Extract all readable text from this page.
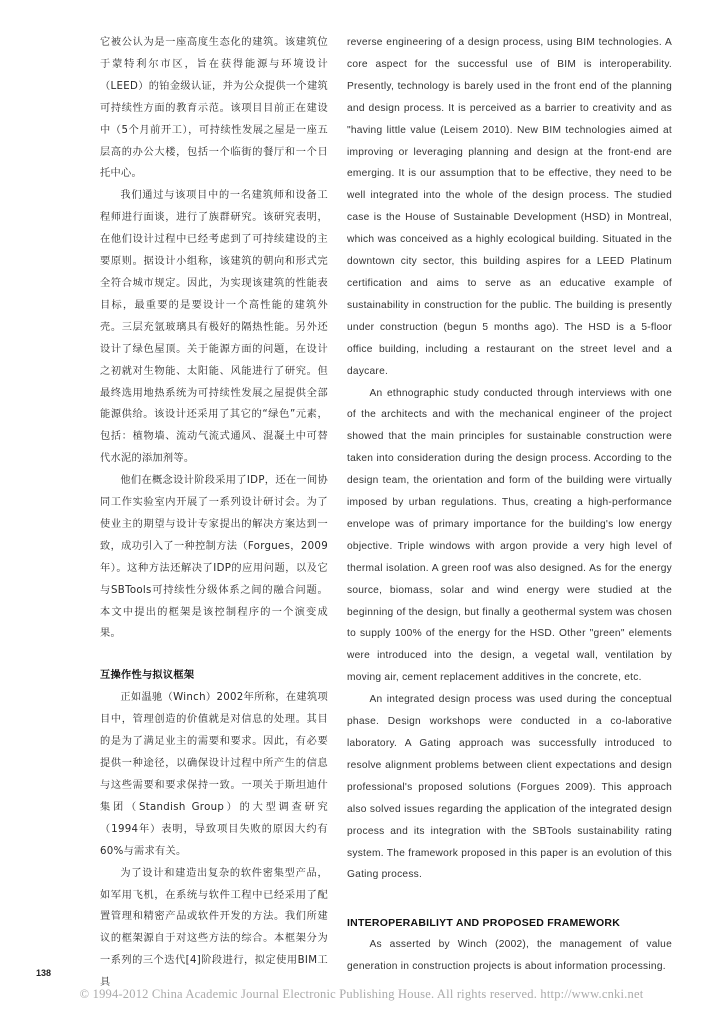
它被公认为是一座高度生态化的建筑。该建筑位于蒙特利尔市区，旨在获得能源与环境设计（LEED）的铂金级认证，并为公众提供一个建筑可持续性方面的教育示范。该项目目前正在建设中（5个月前开工），可持续性发展之屋是一座五层高的办公大楼，包括一个临街的餐厅和一个日托中心。

我们通过与该项目中的一名建筑师和设备工程师进行面谈，进行了族群研究。该研究表明，在他们设计过程中已经考虑到了可持续建设的主要原则。据设计小组称，该建筑的朝向和形式完全符合城市规定。因此，为实现该建筑的性能表目标，最重要的是要设计一个高性能的建筑外壳。三层充氩玻璃具有极好的隔热性能。另外还设计了绿色屋顶。关于能源方面的问题，在设计之初就对生物能、太阳能、风能进行了研究。但最终选用地热系统为可持续性发展之屋提供全部能源供给。该设计还采用了其它的“绿色”元素，包括：植物墙、流动气流式通风、混凝土中可替代水泥的添加剂等。

他们在概念设计阶段采用了IDP，还在一间协同工作实验室内开展了一系列设计研讨会。为了使业主的期望与设计专家提出的解决方案达到一致，成功引入了一种控制方法（Forgues，2009年）。这种方法还解决了IDP的应用问题，以及它与SBTools可持续性分级体系之间的融合问题。本文中提出的框架是该控制程序的一个演变成果。

互操作性与拟议框架

正如温驰（Winch）2002年所称，在建筑项目中，管理创造的价值就是对信息的处理。其目的是为了满足业主的需要和要求。因此，有必要提供一种途径，以确保设计过程中所产生的信息与这些需要和要求保持一致。一项关于斯坦迪什集团（Standish Group）的大型调查研究（1994年）表明，导致项目失败的原因大约有60%与需求有关。

为了设计和建造出复杂的软件密集型产品，如军用飞机，在系统与软件工程中已经采用了配置管理和精密产品或软件开发的方法。我们所建议的框架源自于对这些方法的综合。本框架分为一系列的三个迭代[4]阶段进行，拟定使用BIM工具

reverse engineering of a design process, using BIM technologies. A core aspect for the successful use of BIM is interoperability. Presently, technology is barely used in the front end of the planning and design process. It is perceived as a barrier to creativity and as "having little value (Leisem 2010). New BIM technologies aimed at improving or leveraging planning and design at the front-end are emerging. It is our assumption that to be effective, they need to be well integrated into the whole of the design process. The studied case is the House of Sustainable Development (HSD) in Montreal, which was conceived as a highly ecological building. Situated in the downtown city sector, this building aspires for a LEED Platinum certification and aims to serve as an educative example of sustainability in construction for the public. The building is presently under construction (begun 5 months ago). The HSD is a 5-floor office building, including a restaurant on the street level and a daycare.

An ethnographic study conducted through interviews with one of the architects and with the mechanical engineer of the project showed that the main principles for sustainable construction were taken into consideration during the design process. According to the design team, the orientation and form of the building were virtually imposed by urban regulations. Thus, creating a high-performance envelope was of primary importance for the building's low energy objective. Triple windows with argon provide a very high level of thermal isolation. A green roof was also designed. As for the energy source, biomass, solar and wind energy were studied at the beginning of the design, but finally a geothermal system was chosen to supply 100% of the energy for the HSD. Other "green" elements were introduced into the design, a vegetal wall, ventilation by moving air, cement replacement additives in the concrete, etc.

An integrated design process was used during the conceptual phase. Design workshops were conducted in a co-laborative laboratory. A Gating approach was successfully introduced to resolve alignment problems between client expectations and design professional's proposed solutions (Forgues 2009). This approach also solved issues regarding the application of the integrated design process and its integration with the SBTools sustainability rating system. The framework proposed in this paper is an evolution of this Gating process.

INTEROPERABILIYT AND PROPOSED FRAMEWORK

As asserted by Winch (2002), the management of value generation in construction projects is about information processing.

138
© 1994-2012 China Academic Journal Electronic Publishing House. All rights reserved. http://www.cnki.net
